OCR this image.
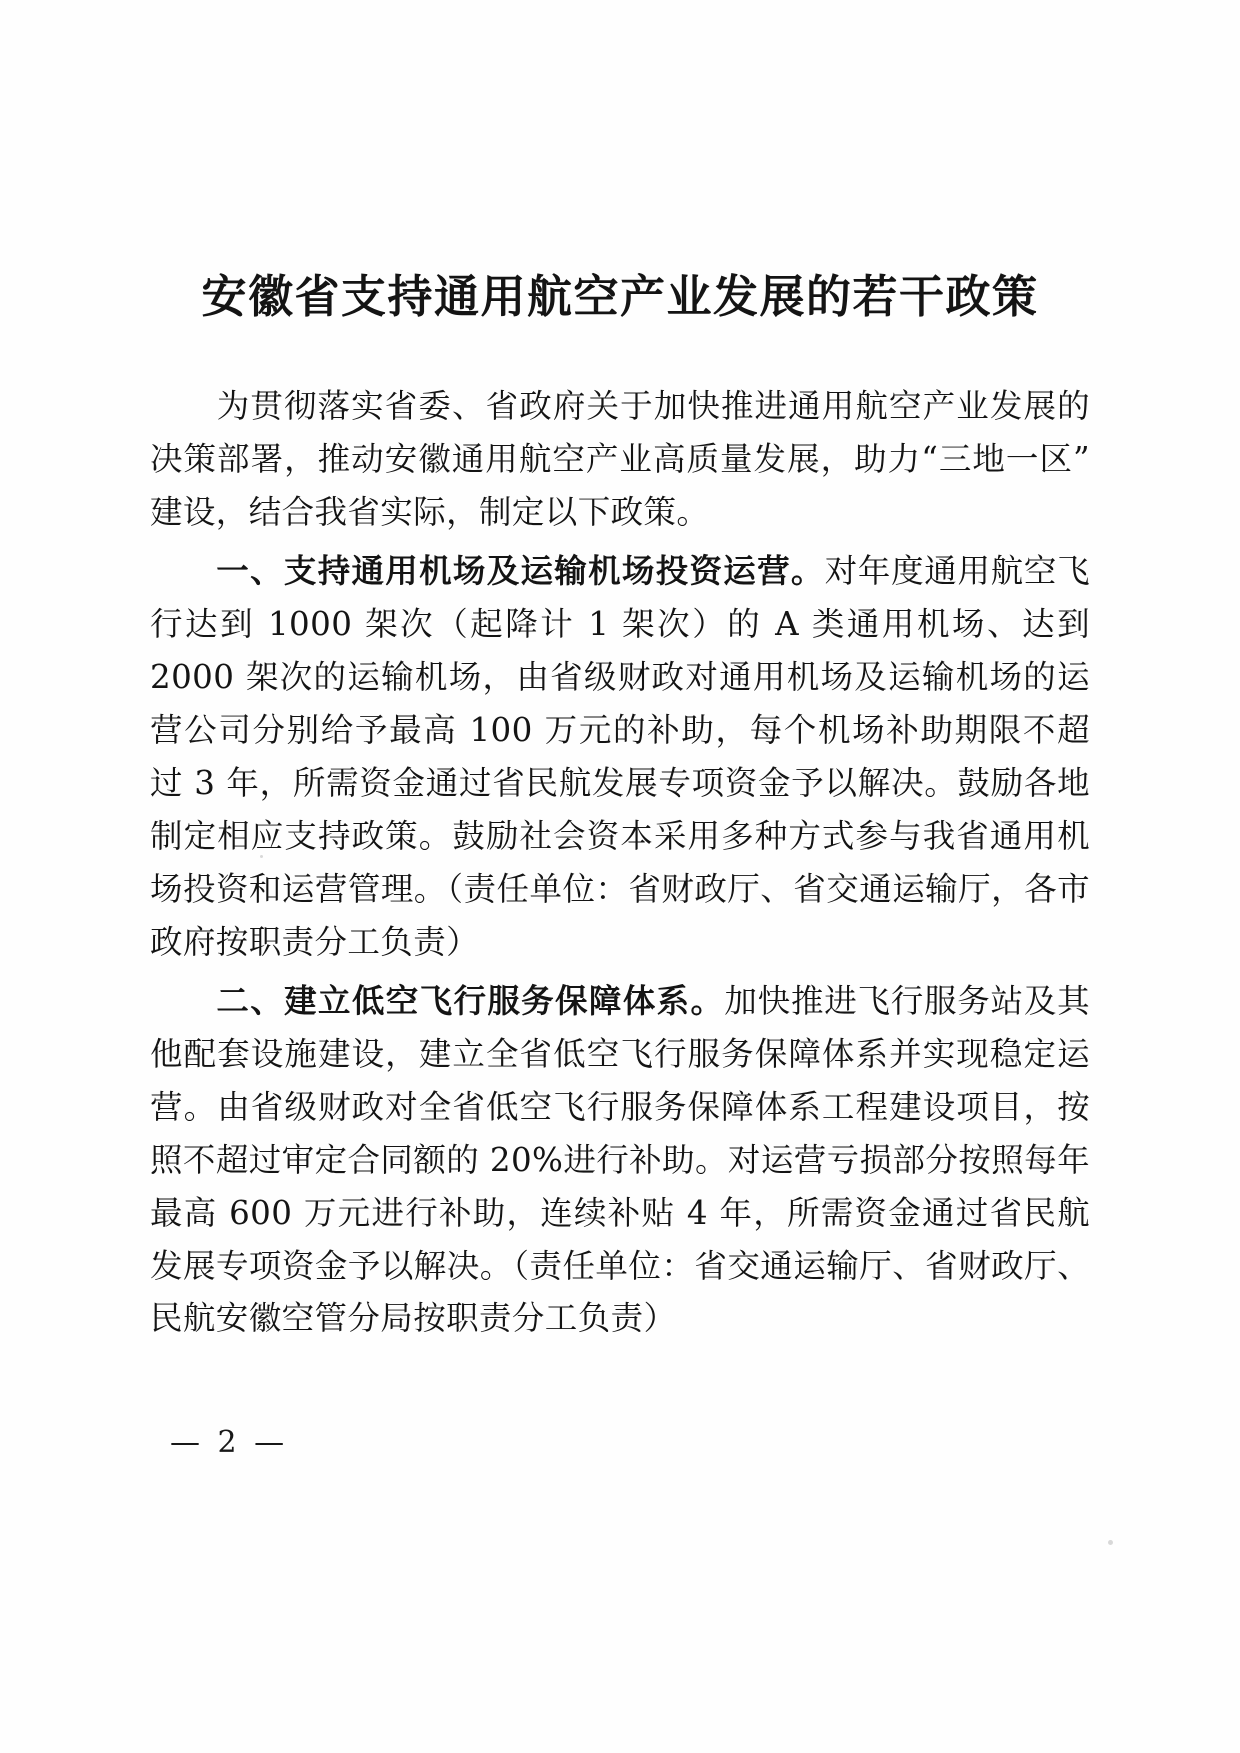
安徽省支持通用航空产业发展的若干政策

为贯彻落实省委、省政府关于加快推进通用航空产业发展的决策部署，推动安徽通用航空产业高质量发展，助力“三地一区”建设，结合我省实际，制定以下政策。

一、支持通用机场及运输机场投资运营。对年度通用航空飞行达到 1000 架次（起降计 1 架次）的 A 类通用机场、达到 2000 架次的运输机场，由省级财政对通用机场及运输机场的运营公司分别给予最高 100 万元的补助，每个机场补助期限不超过 3 年，所需资金通过省民航发展专项资金予以解决。鼓励各地制定相应支持政策。鼓励社会资本采用多种方式参与我省通用机场投资和运营管理。（责任单位：省财政厅、省交通运输厅，各市政府按职责分工负责）

二、建立低空飞行服务保障体系。加快推进飞行服务站及其他配套设施建设，建立全省低空飞行服务保障体系并实现稳定运营。由省级财政对全省低空飞行服务保障体系工程建设项目，按照不超过审定合同额的 20%进行补助。对运营亏损部分按照每年最高 600 万元进行补助，连续补贴 4 年，所需资金通过省民航发展专项资金予以解决。（责任单位：省交通运输厅、省财政厅、民航安徽空管分局按职责分工负责）

— 2 —
